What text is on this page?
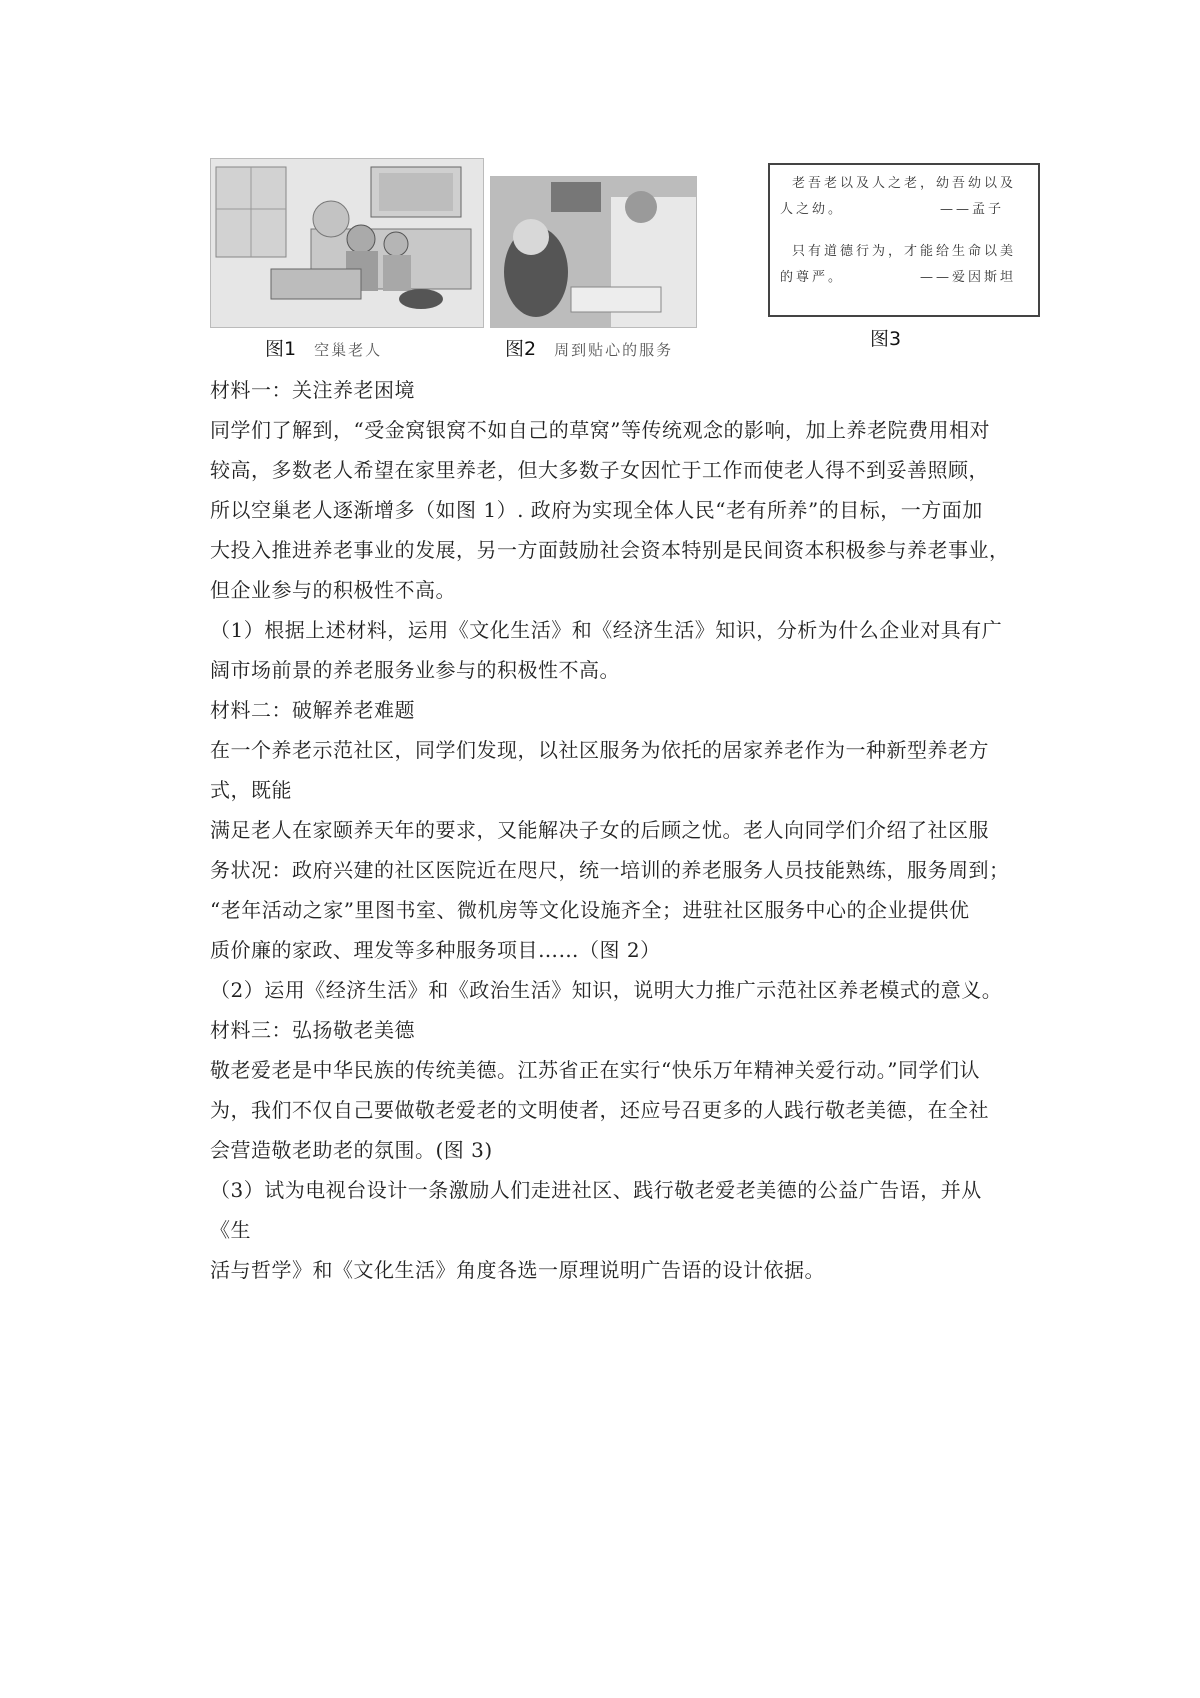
老吾老以及人之老，幼吾幼以及
人之幼。	——孟子
只有道德行为，才能给生命以美
的尊严。	——爱因斯坦
图1 空巢老人	图2 周到贴心的服务	图3

材料一：关注养老困境

同学们了解到，“受金窝银窝不如自己的草窝”等传统观念的影响，加上养老院费用相对

较高，多数老人希望在家里养老，但大多数子女因忙于工作而使老人得不到妥善照顾，

所以空巢老人逐渐增多（如图 1）. 政府为实现全体人民“老有所养”的目标，一方面加

大投入推进养老事业的发展，另一方面鼓励社会资本特别是民间资本积极参与养老事业，

但企业参与的积极性不高。

（1）根据上述材料，运用《文化生活》和《经济生活》知识，分析为什么企业对具有广

阔市场前景的养老服务业参与的积极性不高。

材料二：破解养老难题

在一个养老示范社区，同学们发现，以社区服务为依托的居家养老作为一种新型养老方

式，既能

满足老人在家颐养天年的要求，又能解决子女的后顾之忧。老人向同学们介绍了社区服

务状况：政府兴建的社区医院近在咫尺，统一培训的养老服务人员技能熟练，服务周到；

“老年活动之家”里图书室、微机房等文化设施齐全；进驻社区服务中心的企业提供优

质价廉的家政、理发等多种服务项目……（图 2）

（2）运用《经济生活》和《政治生活》知识，说明大力推广示范社区养老模式的意义。

材料三：弘扬敬老美德

敬老爱老是中华民族的传统美德。江苏省正在实行“快乐万年精神关爱行动。”同学们认

为，我们不仅自己要做敬老爱老的文明使者，还应号召更多的人践行敬老美德，在全社

会营造敬老助老的氛围。(图 3)

（3）试为电视台设计一条激励人们走进社区、践行敬老爱老美德的公益广告语，并从《生

活与哲学》和《文化生活》角度各选一原理说明广告语的设计依据。
